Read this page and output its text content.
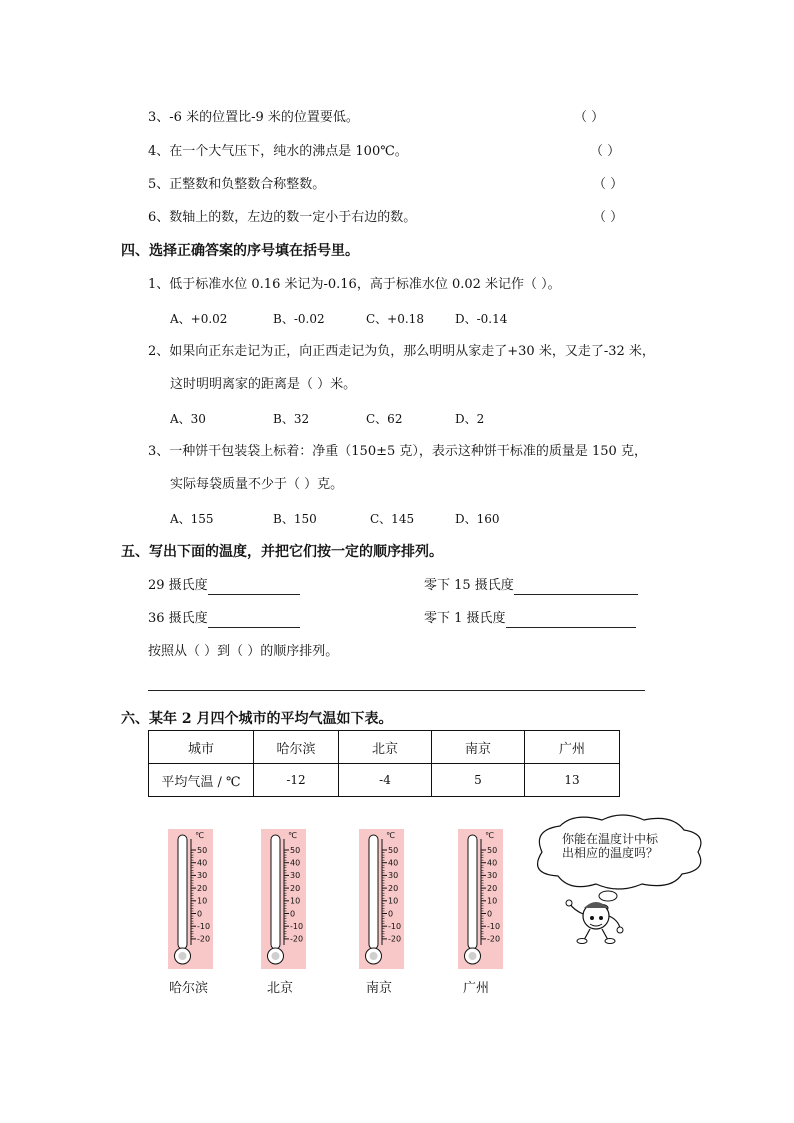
3、-6 米的位置比-9 米的位置要低。	（ ）
4、在一个大气压下，纯水的沸点是 100℃。	（ ）
5、正整数和负整数合称整数。	（ ）
6、数轴上的数，左边的数一定小于右边的数。	（ ）
四、选择正确答案的序号填在括号里。
1、低于标准水位 0.16 米记为-0.16，高于标准水位 0.02 米记作（ ）。
A、+0.02	B、-0.02	C、+0.18	D、-0.14
2、如果向正东走记为正，向正西走记为负，那么明明从家走了+30 米，又走了-32 米，
这时明明离家的距离是（ ）米。
A、30	B、32	C、62	D、2
3、一种饼干包装袋上标着：净重（150±5 克），表示这种饼干标准的质量是 150 克，
实际每袋质量不少于（ ）克。
A、155	B、150	C、145	D、160
五、写出下面的温度，并把它们按一定的顺序排列。
29 摄氏度	零下 15 摄氏度
36 摄氏度	零下 1 摄氏度
按照从（ ）到（ ）的顺序排列。
六、某年 2 月四个城市的平均气温如下表。
城市	哈尔滨	北京	南京	广州
平均气温 / ℃	-12	-4	5	13
℃
50
40
30
20
10
0
-10
-20
℃
50
40
30
20
10
0
-10
-20
℃
50
40
30
20
10
0
-10
-20
℃
50
40
30
20
10
0
-10
-20
哈尔滨	北京	南京	广州
你能在温度计中标
出相应的温度吗？
